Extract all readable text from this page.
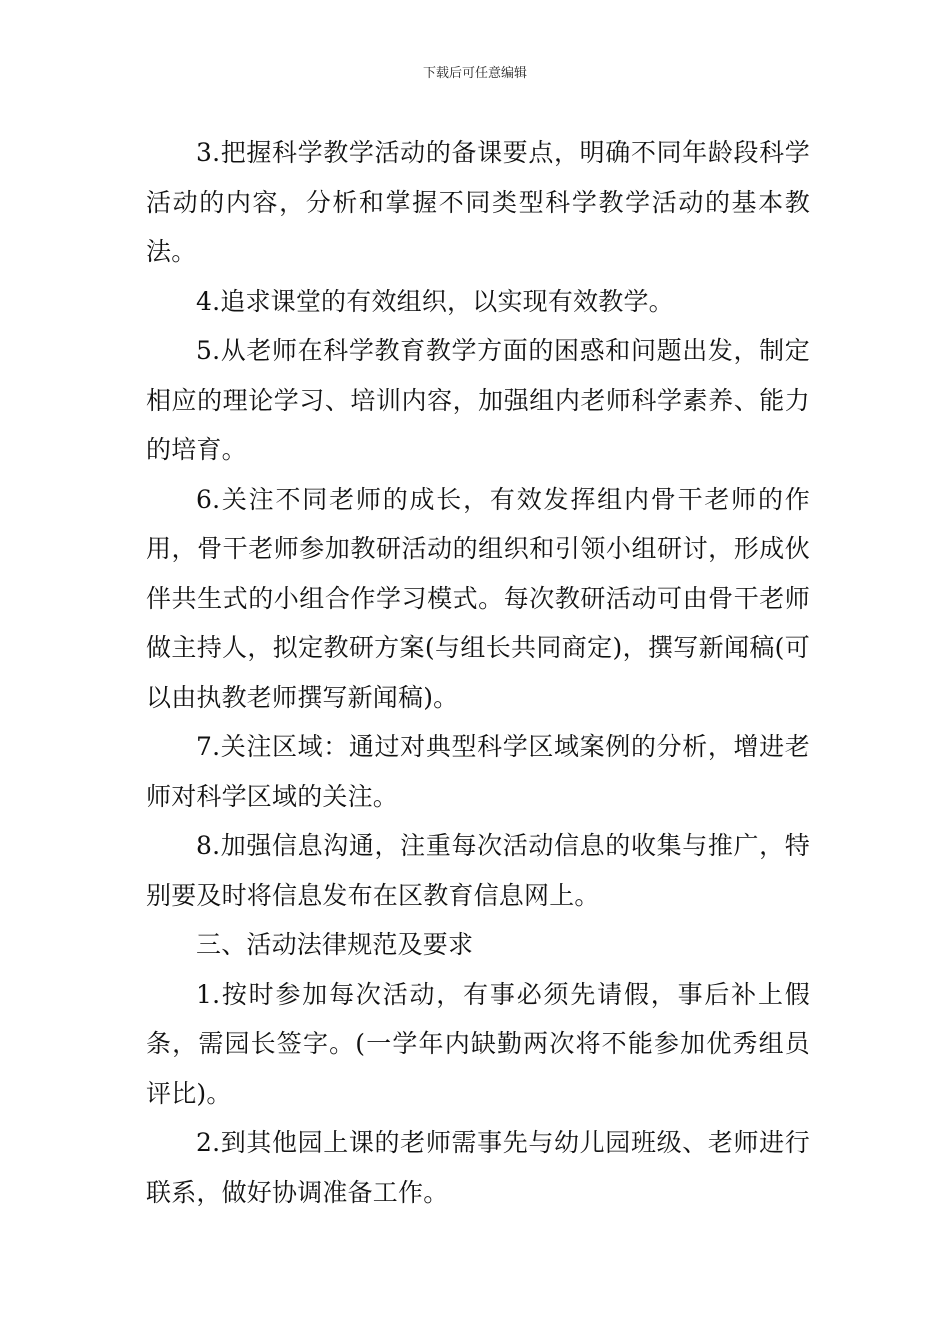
下载后可任意编辑

3.把握科学教学活动的备课要点，明确不同年龄段科学活动的内容，分析和掌握不同类型科学教学活动的基本教法。

4.追求课堂的有效组织，以实现有效教学。

5.从老师在科学教育教学方面的困惑和问题出发，制定相应的理论学习、培训内容，加强组内老师科学素养、能力的培育。

6.关注不同老师的成长，有效发挥组内骨干老师的作用，骨干老师参加教研活动的组织和引领小组研讨，形成伙伴共生式的小组合作学习模式。每次教研活动可由骨干老师做主持人，拟定教研方案(与组长共同商定)，撰写新闻稿(可以由执教老师撰写新闻稿)。

7.关注区域：通过对典型科学区域案例的分析，增进老师对科学区域的关注。

8.加强信息沟通，注重每次活动信息的收集与推广，特别要及时将信息发布在区教育信息网上。

三、活动法律规范及要求

1.按时参加每次活动，有事必须先请假，事后补上假条，需园长签字。(一学年内缺勤两次将不能参加优秀组员评比)。

2.到其他园上课的老师需事先与幼儿园班级、老师进行联系，做好协调准备工作。
